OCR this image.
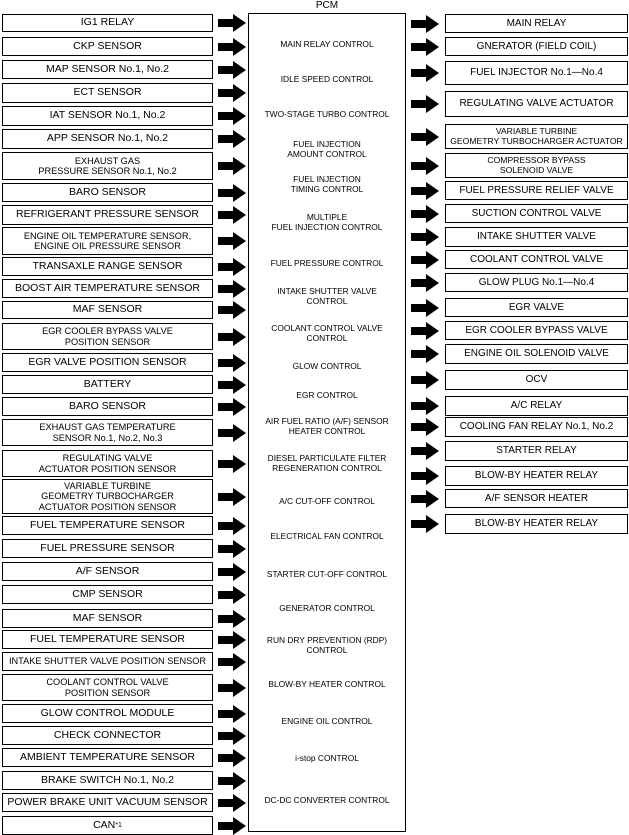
PCM
IG1 RELAY
CKP SENSOR
MAP SENSOR No.1, No.2
ECT SENSOR
IAT SENSOR No.1, No.2
APP SENSOR No.1, No.2
EXHAUST GAS
PRESSURE SENSOR No.1, No.2
BARO SENSOR
REFRIGERANT PRESSURE SENSOR
ENGINE OIL TEMPERATURE SENSOR,
ENGINE OIL PRESSURE SENSOR
TRANSAXLE RANGE SENSOR
BOOST AIR TEMPERATURE SENSOR
MAF SENSOR
EGR COOLER BYPASS VALVE
POSITION SENSOR
EGR VALVE POSITION SENSOR
BATTERY
BARO SENSOR
EXHAUST GAS TEMPERATURE
SENSOR No.1, No.2, No.3
REGULATING VALVE
ACTUATOR POSITION SENSOR
VARIABLE TURBINE
GEOMETRY TURBOCHARGER
ACTUATOR POSITION SENSOR
FUEL TEMPERATURE SENSOR
FUEL PRESSURE SENSOR
A/F SENSOR
CMP SENSOR
MAF SENSOR
FUEL TEMPERATURE SENSOR
INTAKE SHUTTER VALVE POSITION SENSOR
COOLANT CONTROL VALVE
POSITION SENSOR
GLOW CONTROL MODULE
CHECK CONNECTOR
AMBIENT TEMPERATURE SENSOR
BRAKE SWITCH No.1, No.2
POWER BRAKE UNIT VACUUM SENSOR
CAN *1
MAIN RELAY CONTROL
IDLE SPEED CONTROL
TWO-STAGE TURBO CONTROL
FUEL INJECTION
AMOUNT CONTROL
FUEL INJECTION
TIMING CONTROL
MULTIPLE
FUEL INJECTION CONTROL
FUEL PRESSURE CONTROL
INTAKE SHUTTER VALVE
CONTROL
COOLANT CONTROL VALVE
CONTROL
GLOW CONTROL
EGR CONTROL
AIR FUEL RATIO (A/F) SENSOR
HEATER CONTROL
DIESEL PARTICULATE FILTER
REGENERATION CONTROL
A/C CUT-OFF CONTROL
ELECTRICAL FAN CONTROL
STARTER CUT-OFF CONTROL
GENERATOR CONTROL
RUN DRY PREVENTION (RDP)
CONTROL
BLOW-BY HEATER CONTROL
ENGINE OIL CONTROL
i-stop CONTROL
DC-DC CONVERTER CONTROL
MAIN RELAY
GNERATOR (FIELD COIL)
FUEL INJECTOR No.1—No.4
REGULATING VALVE ACTUATOR
VARIABLE TURBINE
GEOMETRY TURBOCHARGER ACTUATOR
COMPRESSOR BYPASS
SOLENOID VALVE
FUEL PRESSURE RELIEF VALVE
SUCTION CONTROL VALVE
INTAKE SHUTTER VALVE
COOLANT CONTROL VALVE
GLOW PLUG No.1—No.4
EGR VALVE
EGR COOLER BYPASS VALVE
ENGINE OIL SOLENOID VALVE
OCV
A/C RELAY
COOLING FAN RELAY No.1, No.2
STARTER RELAY
BLOW-BY HEATER RELAY
A/F SENSOR HEATER
BLOW-BY HEATER RELAY
